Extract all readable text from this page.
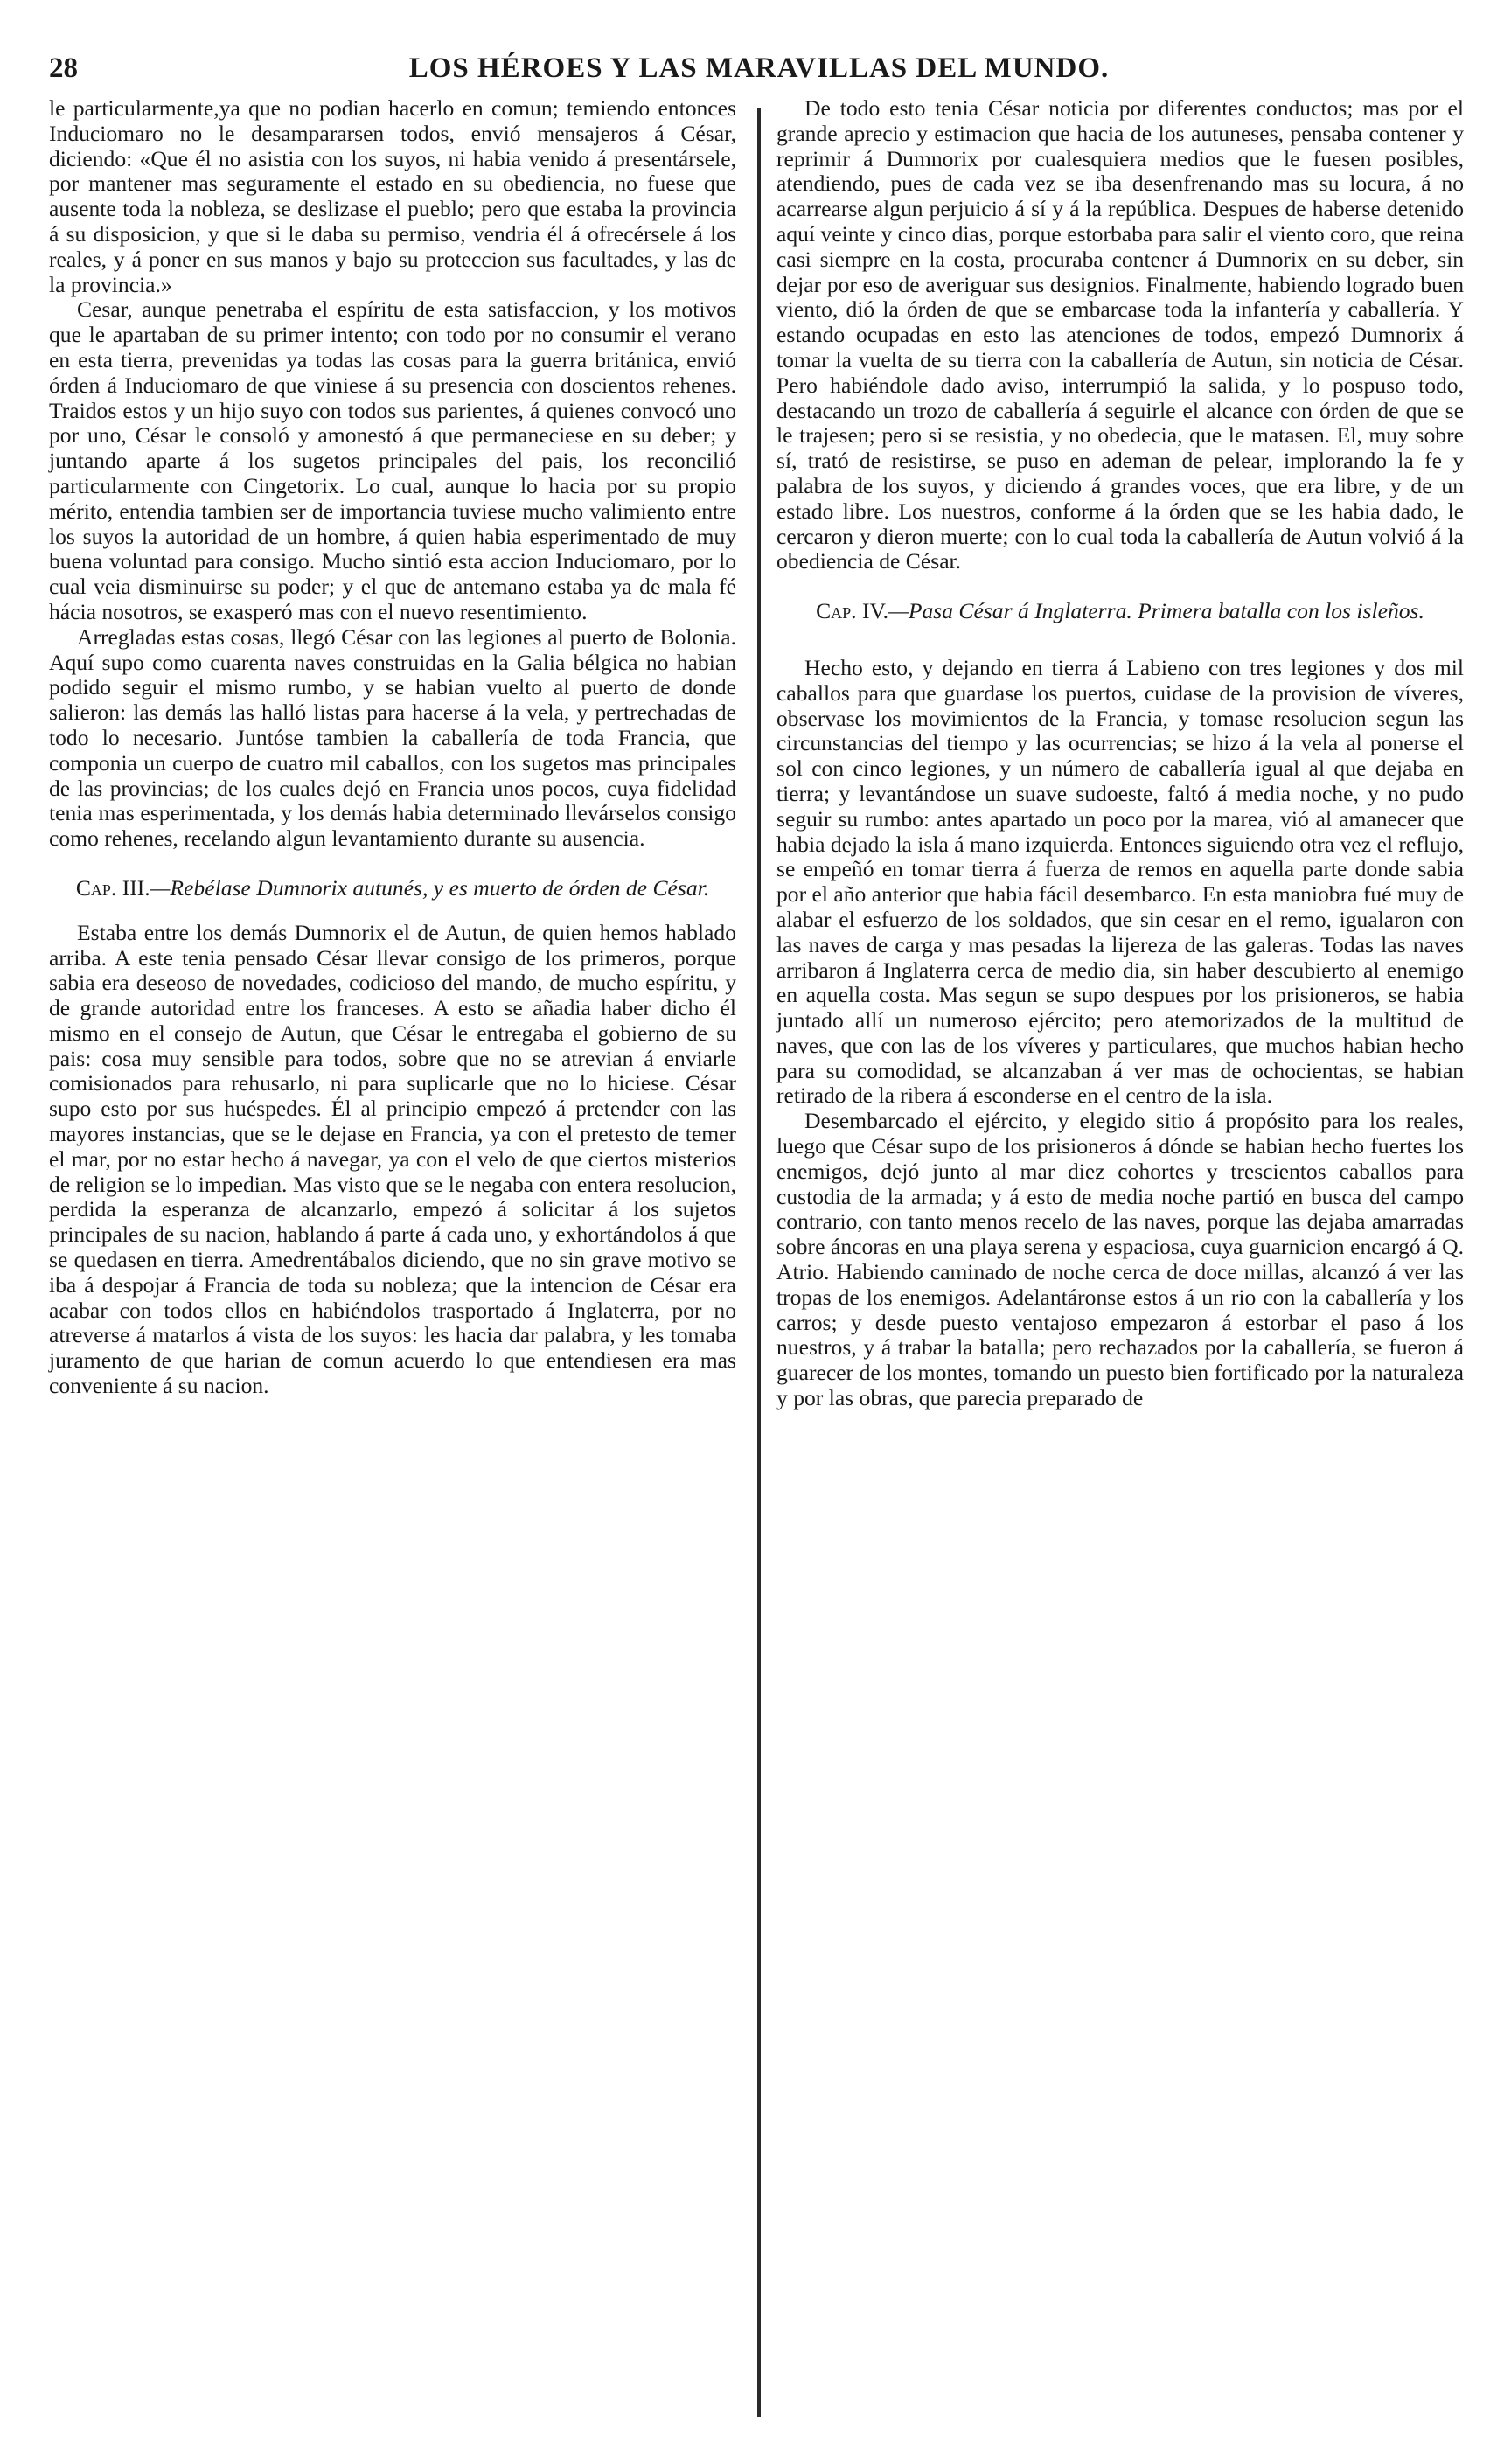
28	LOS HÉROES Y LAS MARAVILLAS DEL MUNDO.

le particularmente,ya que no podian hacerlo en comun; temiendo entonces Induciomaro no le desampararsen todos, envió mensajeros á César, diciendo: «Que él no asistia con los suyos, ni habia venido á presentársele, por mantener mas seguramente el estado en su obediencia, no fuese que ausente toda la nobleza, se deslizase el pueblo; pero que estaba la provincia á su disposicion, y que si le daba su permiso, vendria él á ofrecérsele á los reales, y á poner en sus manos y bajo su proteccion sus facultades, y las de la provincia.»

Cesar, aunque penetraba el espíritu de esta satisfaccion, y los motivos que le apartaban de su primer intento; con todo por no consumir el verano en esta tierra, prevenidas ya todas las cosas para la guerra británica, envió órden á Induciomaro de que viniese á su presencia con doscientos rehenes. Traidos estos y un hijo suyo con todos sus parientes, á quienes convocó uno por uno, César le consoló y amonestó á que permaneciese en su deber; y juntando aparte á los sugetos principales del pais, los reconcilió particularmente con Cingetorix. Lo cual, aunque lo hacia por su propio mérito, entendia tambien ser de importancia tuviese mucho valimiento entre los suyos la autoridad de un hombre, á quien habia esperimentado de muy buena voluntad para consigo. Mucho sintió esta accion Induciomaro, por lo cual veia disminuirse su poder; y el que de antemano estaba ya de mala fé hácia nosotros, se exasperó mas con el nuevo resentimiento.

Arregladas estas cosas, llegó César con las legiones al puerto de Bolonia. Aquí supo como cuarenta naves construidas en la Galia bélgica no habian podido seguir el mismo rumbo, y se habian vuelto al puerto de donde salieron: las demás las halló listas para hacerse á la vela, y pertrechadas de todo lo necesario. Juntóse tambien la caballería de toda Francia, que componia un cuerpo de cuatro mil caballos, con los sugetos mas principales de las provincias; de los cuales dejó en Francia unos pocos, cuya fidelidad tenia mas esperimentada, y los demás habia determinado llevárselos consigo como rehenes, recelando algun levantamiento durante su ausencia.

Cap. III.—Rebélase Dumnorix autunés, y es muerto de órden de César.

Estaba entre los demás Dumnorix el de Autun, de quien hemos hablado arriba. A este tenia pensado César llevar consigo de los primeros, porque sabia era deseoso de novedades, codicioso del mando, de mucho espíritu, y de grande autoridad entre los franceses. A esto se añadia haber dicho él mismo en el consejo de Autun, que César le entregaba el gobierno de su pais: cosa muy sensible para todos, sobre que no se atrevian á enviarle comisionados para rehusarlo, ni para suplicarle que no lo hiciese. César supo esto por sus huéspedes. Él al principio empezó á pretender con las mayores instancias, que se le dejase en Francia, ya con el pretesto de temer el mar, por no estar hecho á navegar, ya con el velo de que ciertos misterios de religion se lo impedian. Mas visto que se le negaba con entera resolucion, perdida la esperanza de alcanzarlo, empezó á solicitar á los sujetos principales de su nacion, hablando á parte á cada uno, y exhortándolos á que se quedasen en tierra. Amedrentábalos diciendo, que no sin grave motivo se iba á despojar á Francia de toda su nobleza; que la intencion de César era acabar con todos ellos en habiéndolos trasportado á Inglaterra, por no atreverse á matarlos á vista de los suyos: les hacia dar palabra, y les tomaba juramento de que harian de comun acuerdo lo que entendiesen era mas conveniente á su nacion.

De todo esto tenia César noticia por diferentes conductos; mas por el grande aprecio y estimacion que hacia de los autuneses, pensaba contener y reprimir á Dumnorix por cualesquiera medios que le fuesen posibles, atendiendo, pues de cada vez se iba desenfrenando mas su locura, á no acarrearse algun perjuicio á sí y á la república. Despues de haberse detenido aquí veinte y cinco dias, porque estorbaba para salir el viento coro, que reina casi siempre en la costa, procuraba contener á Dumnorix en su deber, sin dejar por eso de averiguar sus designios. Finalmente, habiendo logrado buen viento, dió la órden de que se embarcase toda la infantería y caballería. Y estando ocupadas en esto las atenciones de todos, empezó Dumnorix á tomar la vuelta de su tierra con la caballería de Autun, sin noticia de César. Pero habiéndole dado aviso, interrumpió la salida, y lo pospuso todo, destacando un trozo de caballería á seguirle el alcance con órden de que se le trajesen; pero si se resistia, y no obedecia, que le matasen. El, muy sobre sí, trató de resistirse, se puso en ademan de pelear, implorando la fe y palabra de los suyos, y diciendo á grandes voces, que era libre, y de un estado libre. Los nuestros, conforme á la órden que se les habia dado, le cercaron y dieron muerte; con lo cual toda la caballería de Autun volvió á la obediencia de César.

Cap. IV.—Pasa César á Inglaterra. Primera batalla con los isleños.

Hecho esto, y dejando en tierra á Labieno con tres legiones y dos mil caballos para que guardase los puertos, cuidase de la provision de víveres, observase los movimientos de la Francia, y tomase resolucion segun las circunstancias del tiempo y las ocurrencias; se hizo á la vela al ponerse el sol con cinco legiones, y un número de caballería igual al que dejaba en tierra; y levantándose un suave sudoeste, faltó á media noche, y no pudo seguir su rumbo: antes apartado un poco por la marea, vió al amanecer que habia dejado la isla á mano izquierda. Entonces siguiendo otra vez el reflujo, se empeñó en tomar tierra á fuerza de remos en aquella parte donde sabia por el año anterior que habia fácil desembarco. En esta maniobra fué muy de alabar el esfuerzo de los soldados, que sin cesar en el remo, igualaron con las naves de carga y mas pesadas la lijereza de las galeras. Todas las naves arribaron á Inglaterra cerca de medio dia, sin haber descubierto al enemigo en aquella costa. Mas segun se supo despues por los prisioneros, se habia juntado allí un numeroso ejército; pero atemorizados de la multitud de naves, que con las de los víveres y particulares, que muchos habian hecho para su comodidad, se alcanzaban á ver mas de ochocientas, se habian retirado de la ribera á esconderse en el centro de la isla.

Desembarcado el ejército, y elegido sitio á propósito para los reales, luego que César supo de los prisioneros á dónde se habian hecho fuertes los enemigos, dejó junto al mar diez cohortes y trescientos caballos para custodia de la armada; y á esto de media noche partió en busca del campo contrario, con tanto menos recelo de las naves, porque las dejaba amarradas sobre áncoras en una playa serena y espaciosa, cuya guarnicion encargó á Q. Atrio. Habiendo caminado de noche cerca de doce millas, alcanzó á ver las tropas de los enemigos. Adelantáronse estos á un rio con la caballería y los carros; y desde puesto ventajoso empezaron á estorbar el paso á los nuestros, y á trabar la batalla; pero rechazados por la caballería, se fueron á guarecer de los montes, tomando un puesto bien fortificado por la naturaleza y por las obras, que parecia preparado de
